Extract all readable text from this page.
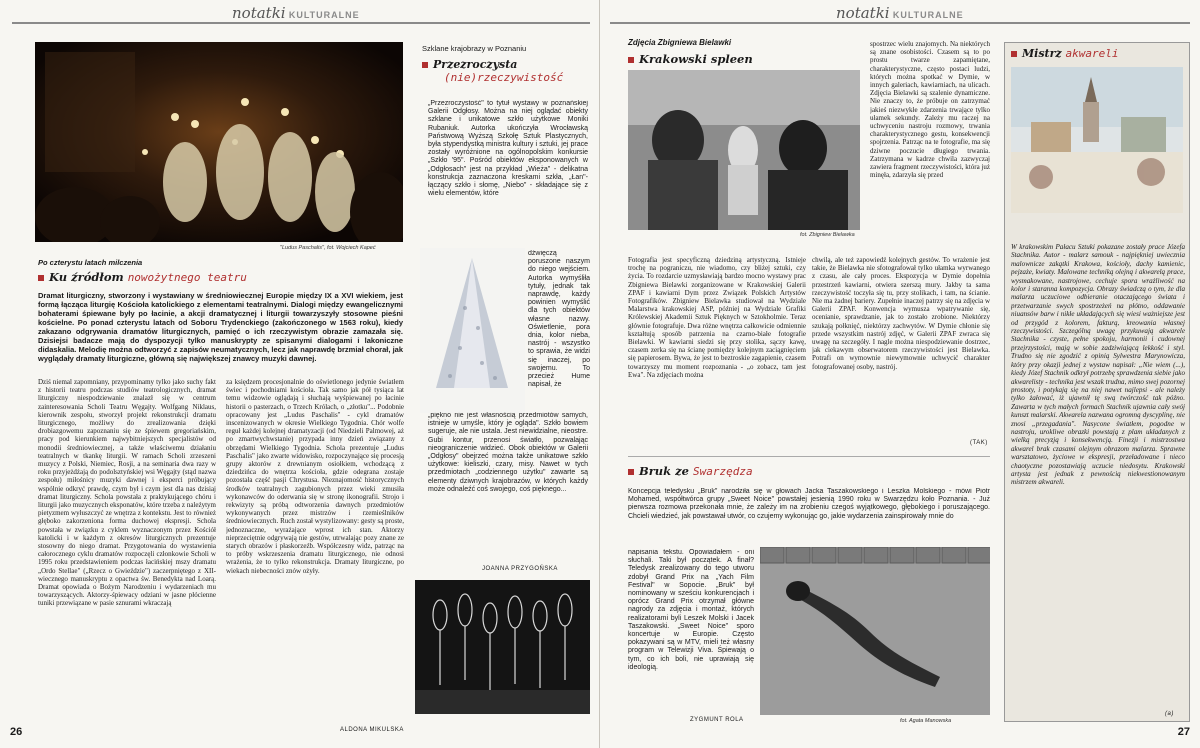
notatki KULTURALNE
"Ludus Paschalis", fot. Wojciech Kapeć
Po czterystu latach milczenia
Ku źródłom nowożytnego teatru
Dramat liturgiczny, stworzony i wystawiany w średniowiecznej Europie między IX a XVI wiekiem, jest formą łącząca liturgię Kościoła katolickiego z elementami teatralnymi. Dialogi między ewangelicznymi bohaterami śpiewane były po łacinie, a akcji dramatycznej i liturgii towarzyszyły stosowne pieśni kościelne. Po ponad czterystu latach od Soboru Trydenckiego (zakończonego w 1563 roku), kiedy zakazano odgrywania dramatów liturgicznych, pamięć o ich rzeczywistym obrazie zamazała się. Dzisiejsi badacze mają do dyspozycji tylko manuskrypty ze spisanymi dialogami i lakoniczne didaskalia. Melodię można odtworzyć z zapisów neumatycznych, lecz jak naprawdę brzmiał chorał, jak wyglądały dramaty liturgiczne, główną się największej znawcy muzyki dawnej.
Dziś niemal zapomniany, przypominamy tylko jako suchy fakt z historii teatru podczas studiów teatrologicznych, dramat liturgiczny niespodziewanie znalazł się w centrum zainteresowania Scholi Teatru Węgajty. Wolfgang Niklaus, kierownik zespołu, stworzył projekt rekonstrukcji dramatu liturgicznego, możliwy do zrealizowania dzięki drobiazgowemu zapoznaniu się ze śpiewem gregoriańskim, pracy pod kierunkiem najwybitniejszych specjalistów od monodii średniowiecznej, a także właściwemu działaniu teatralnych w tkankę liturgii. W ramach Scholi zrzeszeni muzycy z Polski, Niemiec, Rosji, a na seminaria dwa razy w roku przyjeżdżają do podolsztyńskiej wsi Węgajty (stąd nazwa zespołu) miłośnicy muzyki dawnej i eksperci próbujący wspólnie odkryć prawdę, czym był i czym jest dla nas dzisiaj dramat liturgiczny. Schola powstała z praktykującego chóru i liturgii jako muzycznych eksponatów, które trzeba z naleźytym pietyzmem wyłuszczyć ze wnętrza z kontekstu. Jest to również głęboko zakorzeniona forma duchowej ekspresji. Schola powstała w związku z cyklem wyznaczonym przez Kościół katolicki i w każdym z okresów liturgicznych prezentuje stosowny do niego dramat. Przygotowania do wystawienia całorocznego cyklu dramatów rozpoczęli członkowie Scholi w 1995 roku przedstawieniem podczas łacińskiej mszy dramatu „Ordo Stellae" („Rzecz o Gwieździe") zaczerpniętego z XII-wiecznego manuskryptu z opactwa św. Benedykta nad Loarą. Dramat opowiada o Bożym Narodzeniu i wydarzeniach mu towarzyszących. Aktorzy-śpiewacy odziani w jasne płócienne tuniki przewiązane w pasie sznurami wkraczają
za księdzem procesjonalnie do oświetlonego jedynie światłem świec i pochodniami kościoła. Tak samo jak pół tysiąca lat temu widzowie oglądają i słuchają wyśpiewanej po łacinie historii o pasterzach, o Trzech Królach, o „złotku"... Podobnie opracowany jest „Ludus Paschalis" - cykl dramatów inscenizowanych w okresie Wielkiego Tygodnia. Chór wolfe reguł każdej kolejnej dramatyzacji (od Niedzieli Palmowej, aż po zmartwychwstanie) przypada inny dzień związany z obrzędami Wielkiego Tygodnia. Schola prezentuje „Ludus Paschalis" jako zwarte widowisko, rozpoczynające się procesją grupy aktorów z drewnianym osiołkiem, wchodzącą z dziedzińca do wnętrza kościoła, gdzie odegrana zostaje pozostała część pasji Chrystusa. Nieznajomość historycznych środków teatralnych zagubionych przez wieki zmusiła wykonawców do oderwania się w stronę ikonografii. Strojo i rekwizyty są próbą odtworzenia dawnych przedmiotów wykonywanych przez mistrzów i rzemieślników średniowiecznych. Ruch został wystylizowany: gesty są proste, jednoznaczne, wyrażające wprost ich stan. Aktorzy nieprzeciętnie odgrywają nie gestów, utrwalając pozy znane ze starych obrazów i płaskorzeźb. Współczesny widz, patrząc na to próby wskrzeszenia dramatu liturgicznego, nie odnosi wrażenia, że to tylko rekonstrukcja. Dramaty liturgiczne, po wiekach niebecności znów ożyły.
ALDONA MIKULSKA
Szklane krajobrazy w Poznaniu
Przezroczysta
(nie)rzeczywistość
„Przezroczystość" to tytuł wystawy w poznańskiej Galerii Odgłosy. Można na niej oglądać obiekty szklane i unikatowe szkło użytkowe Moniki Rubaniuk. Autorka ukończyła Wrocławską Państwową Wyższą Szkołę Sztuk Plastycznych, była stypendystką ministra kultury i sztuki, jej prace zostały wyróżnione na ogólnopolskim konkursie „Szkło '95". Pośród obiektów eksponowanych w „Odgłosach" jest na przykład „Wieża" - delikatna konstrukcja zaznaczona kreskami szkła, „Łan"- łączący szkło i słomę, „Niebo" - składające się z wielu elementów, które
dźwięczą poruszone naszym do niego wejściem. Autorka wymyśliła tytuły, jednak tak naprawdę, każdy powinien wymyślić dla tych obiektów własne nazwy. Oświetlenie, pora dnia, kolor nieba, nastrój - wszystko to sprawia, że widzi się inaczej, po swojemu. To przecież Hume napisał, że
„piękno nie jest własnością przedmiotów samych, istnieje w umyśle, który je ogląda". Szkło bowiem sugeruje, ale nie ustala. Jest niewidzialne, nieostre. Gubi kontur, przenosi światło, pozwalając nieograniczenie widzieć. Obok obiektów w Galerii „Odgłosy" obejrzeć można także unikatowe szkło użytkowe: kieliszki, czary, misy. Nawet w tych przedmiotach „codziennego użytku" zawarte są elementy dziwnych krajobrazów, w których każdy może odnaleźć coś swojego, coś pięknego...
JOANNA PRZYGOŃSKA
26
notatki KULTURALNE
Zdjęcia Zbigniewa Bielawki
Krakowski spleen
fot. Zbigniew Bielawka
spostrzec wielu znajomych. Na niektórych są znane osobistości. Czasem są to po prostu twarze zapamiętane, charakterystyczne, często postaci ludzi, których można spotkać w Dymie, w innych galeriach, kawiarniach, na ulicach. Zdjęcia Bielawki są szalenie dynamiczne. Nie znaczy to, że próbuje on zatrzymać jakieś niezwykłe zdarzenia trwające tylko ułamek sekundy. Zależy mu raczej na uchwyceniu nastroju rozmowy, trwania charakterystycznego gestu, konsekwencji spojrzenia. Patrząc na te fotografie, ma się dziwne poczucie długiego trwania. Zatrzymana w kadrze chwila zazwyczaj zawiera fragment rzeczywistości, która już minęła, zdarzyła się przed
Fotografia jest specyficzną dziedziną artystyczną. Istnieje trochę na pograniczu, nie wiadomo, czy bliżej sztuki, czy życia. To rozdarcie uzmysławiają bardzo mocno wystawy prac Zbigniewa Bielawki zorganizowane w Krakowskiej Galerii ZPAF i kawiarni Dym przez Związek Polskich Artystów Fotografików. Zbigniew Bielawka studiował na Wydziale Malarstwa krakowskiej ASP, później na Wydziale Grafiki Królewskiej Akademii Sztuk Pięknych w Sztokholmie. Teraz głównie fotografuje. Dwa różne wnętrza całkowicie odmiennie kształtują sposób patrzenia na czarno-białe fotografie Bielawki. W kawiarni siedzi się przy stolika, sączy kawę, czasem zerka się na ścianę pomiędzy kolejnym zaciągnięciem się papierosem. Bywa, że jest to beztroskie zagapienie, czasem towarzyszy mu moment rozpoznania - „o zobacz, tam jest Ewa". Na zdjęciach można
chwilą, ale też zapowiedź kolejnych gestów. To wrażenie jest takie, że Bielawka nie sfotografował tylko ułamka wyrwanego z czasu, ale cały proces. Ekspozycja w Dymie dopełnia przestrzeń kawiarni, otwiera szerszą mury. Jakby ta sama rzeczywistość toczyła się tu, przy stolikach, i tam, na ścianie. Nie ma żadnej bariery. Zupełnie inaczej patrzy się na zdjęcia w Galerii ZPAF. Konwencja wymusza wpatrywanie się, ocenianie, sprawdzanie, jak to zostało zrobione. Niektórzy szukają połknięć, niektórzy zachwytów. W Dymie chłonie się przede wszystkim nastrój zdjęć, w Galerii ZPAF zwraca się uwagę na szczegóły. I nagle można niespodziewanie dostrzec, jak ciekawym obserwatorem rzeczywistości jest Bielawka. Potrafi on wymownie niewymownie uchwycić charakter fotografowanej osoby, nastrój.
(TAK)
Bruk ze Swarzędza
Koncepcja teledysku „Bruk" narodziła się w głowach Jacka Taszakowskiego i Leszka Molskiego - mówi Piotr Mohamed, współtwórca grupy „Sweet Noice" powstałej jesienią 1990 roku w Swarzędzu koło Poznania. - Już pierwsza rozmowa przekonała mnie, że zależy im na zrobieniu czegoś wyjątkowego, głębokiego i poruszającego. Chcieli wiedzieć, jak powstawał utwór, co czujemy wykonując go, jakie wydarzenia zainspirowały mnie do
napisania tekstu. Opowiadałem - oni słuchali. Taki był początek. A finał? Teledysk zrealizowany do tego utworu zdobył Grand Prix na „Yach Film Festival" w Sopocie. „Bruk" był nominowany w sześciu konkurencjach i oprócz Grand Prix otrzymał główne nagrody za zdjęcia i montaż, których realizatorami byli Leszek Molski i Jacek Taszakowski. „Sweet Noice" sporo koncertuje w Europie. Często pokazywani są w MTV, mieli też własny program w Telewizji Viva. Śpiewają o tym, co ich boli, nie uprawiają się ideologią.
ZYGMUNT ROLA	fot. Agata Manowska
Mistrz akwareli
W krakowskim Pałacu Sztuki pokazane zostały prace Józefa Stachnika. Autor - malarz samouk - najpiękniej uwiecznia malownicze zakątki Krakowa, kościoły, dachy kamienic, pejzaże, kwiaty. Malowane techniką olejną i akwarelą prace, wysmakowane, nastrojowe, cechuje spora wrażliwość na kolor i staranna kompozycja. Obrazy świadczą o tym, że dla malarza uczuciowe odbieranie otaczającego świata i przetwarzanie swych spostrzeżeń na płótno, oddawanie niuansów barw i nikłe układających się wiesi ważniejsze jest od przygód z kolorem, fakturą, kreowania własnej rzeczywistości. Szczególną uwagę przykuwają akwarele Stachnika - czyste, pełne spokoju, harmonii i cudownej przejrzystości, mają w sobie zadziwiającą lekkość i styl. Trudno się nie zgodzić z opinią Sylwestra Marynowicza, który przy okazji jednej z wystaw napisał: „Nie wiem (...), kiedy Józef Stachnik odkrył potrzebę sprawdzenia siebie jako akwarelisty - technika jest wszak trudna, mimo swej pozornej prostoty, i potykają się na niej nawet najlepsi - ale należy tylko żałować, iż ujawnił tę swą twórczość tak późno. Zawarta w tych małych formach Stachnik ujawnia cały swój kunszt malarski. Akwarela nazwana ogromną dyscyplinę, nie znosi „przegadania". Nasycone światłem, pogodne w nastroju, urokliwe obrazki powstają z plam układanych z wielką precyzją i konsekwencją. Finezji i mistrzostwa akwarel brak czasami olejnym obrazom malarza. Sprawne warsztatowo, życiowe w ekspresji, przeładowane i nieco chaotyczne pozostawiają uczucie niedosytu. Krakowski artysta jest jednak z pewnością niekwestionowanym mistrzem akwareli.
(a)
27
